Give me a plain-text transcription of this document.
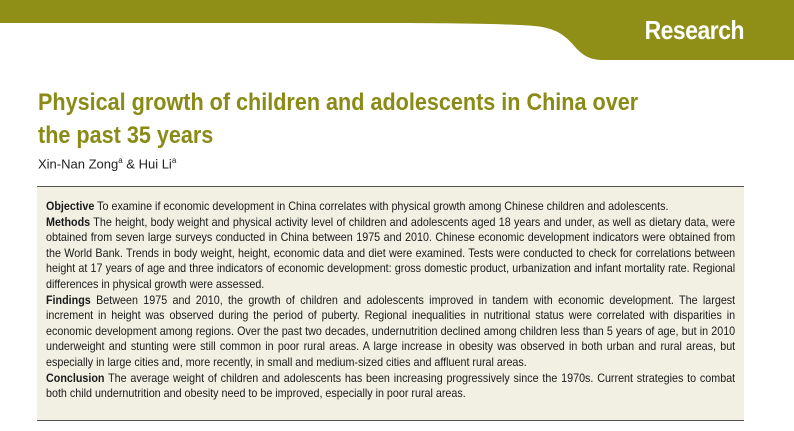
Research
Physical growth of children and adolescents in China over the past 35 years
Xin-Nan Zong$^a$ & Hui Li$^a$

Objective To examine if economic development in China correlates with physical growth among Chinese children and adolescents.

Methods The height, body weight and physical activity level of children and adolescents aged 18 years and under, as well as dietary data, were obtained from seven large surveys conducted in China between 1975 and 2010. Chinese economic development indicators were obtained from the World Bank. Trends in body weight, height, economic data and diet were examined. Tests were conducted to check for correlations between height at 17 years of age and three indicators of economic development: gross domestic product, urbanization and infant mortality rate. Regional differences in physical growth were assessed.

Findings Between 1975 and 2010, the growth of children and adolescents improved in tandem with economic development. The largest increment in height was observed during the period of puberty. Regional inequalities in nutritional status were correlated with disparities in economic development among regions. Over the past two decades, undernutrition declined among children less than 5 years of age, but in 2010 underweight and stunting were still common in poor rural areas. A large increase in obesity was observed in both urban and rural areas, but especially in large cities and, more recently, in small and medium-sized cities and affluent rural areas.

Conclusion The average weight of children and adolescents has been increasing progressively since the 1970s. Current strategies to combat both child undernutrition and obesity need to be improved, especially in poor rural areas.
